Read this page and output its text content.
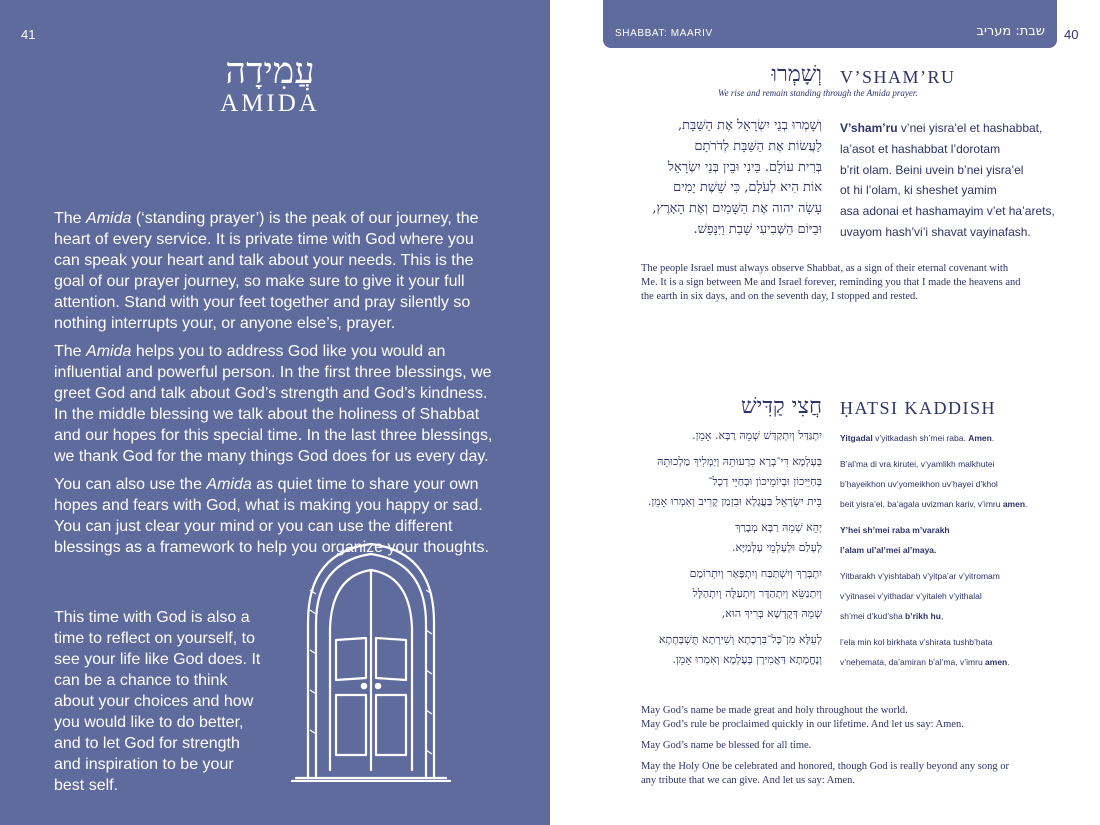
41
עֲמִידָה
AMIDA

The Amida (‘standing prayer’) is the peak of our journey, the heart of every service. It is private time with God where you can speak your heart and talk about your needs. This is the goal of our prayer journey, so make sure to give it your full attention. Stand with your feet together and pray silently so nothing interrupts your, or anyone else’s, prayer.

The Amida helps you to address God like you would an influential and powerful person. In the first three blessings, we greet God and talk about God’s strength and God’s kindness. In the middle blessing we talk about the holiness of Shabbat and our hopes for this special time. In the last three blessings, we thank God for the many things God does for us every day.

You can also use the Amida as quiet time to share your own hopes and fears with God, what is making you happy or sad. You can just clear your mind or you can use the different blessings as a framework to help you organize your thoughts.

This time with God is also a time to reflect on yourself, to see your life like God does. It can be a chance to think about your choices and how you would like to do better, and to let God for strength and inspiration to be your best self.

SHABBAT: MAARIV	שבת: מעריב 40
וְשָׁמְרוּ V’SHAM’RU
We rise and remain standing through the Amida prayer.
וְשָׁמְרוּ בְנֵי יִשְׂרָאֵל אֶת הַשַּׁבָּת,
לַעֲשׂוֹת אֶת הַשַּׁבָּת לְדֹרֹתָם
בְּרִית עוֹלָם. בֵּינִי וּבֵין בְּנֵי יִשְׂרָאֵל
אוֹת הִיא לְעֹלָם, כִּי שֵׁשֶׁת יָמִים
עָשָׂה יהוה אֶת הַשָּׁמַיִם וְאֶת הָאָרֶץ,
וּבַיּוֹם הַשְּׁבִיעִי שָׁבַת וַיִּנָּפַשׁ.
V’sham’ru v’nei yisra’el et hashabbat,
la’asot et hashabbat l’dorotam
b’rit olam. Beini uvein b’nei yisra’el
ot hi l’olam, ki sheshet yamim
asa adonai et hashamayim v’et ha’arets,
uvayom hash’vi’i shavat vayinafash.

The people Israel must always observe Shabbat, as a sign of their eternal covenant with Me. It is a sign between Me and Israel forever, reminding you that I made the heavens and the earth in six days, and on the seventh day, I stopped and rested.

חֲצִי קַדִּישׁ ḤATSI KADDISH
יִתְגַּדַּל וְיִתְקַדַּשׁ שְׁמֵהּ רַבָּא. אָמֵן.
בְּעָלְמָא דִּי־בְרָא כִרְעוּתֵהּ וְיַמְלִיךְ מַלְכוּתֵהּ
בְּחַיֵּיכוֹן וּבְיוֹמֵיכוֹן וּבְחַיֵּי דְכָל־
בֵּית יִשְׂרָאֵל בַּעֲגָלָא וּבִזְמַן קָרִיב וְאִמְרוּ אָמֵן.
יְהֵא שְׁמֵהּ רַבָּא מְבָרַךְ
לְעָלַם וּלְעָלְמֵי עָלְמַיָּא.
יִתְבָּרַךְ וְיִשְׁתַּבַּח וְיִתְפָּאַר וְיִתְרוֹמַם
וְיִתְנַשֵּׂא וְיִתְהַדָּר וְיִתְעַלֶּה וְיִתְהַלָּל
שְׁמֵהּ דְּקֻדְשָׁא בְּרִיךְ הוּא,
לְעֵלָּא מִן־כָּל־בִּרְכָתָא וְשִׁירָתָא תֻּשְׁבְּחָתָא
וְנֶחֱמָתָא דַּאֲמִירָן בְּעָלְמָא וְאִמְרוּ אָמֵן.
Yitgadal v’yitkadash sh’mei raba. Amen.
B’al’ma di vra kirutei, v’yamlikh malkhutei
b’ḥayeikhon uv’yomeikhon uv’ḥayei d’khol
beit yisra’el, ba’agala uvizman kariv, v’imru amen.
Y’hei sh’mei raba m’varakh
l’alam ul’al’mei al’maya.
Yitbarakh v’yishtabaḥ v’yitpa’ar v’yitromam
v’yitnasei v’yithadar v’yitaleh v’yithalal
sh’mei d’kud’sha b’rikh hu,
l’ela min kol birkhata v’shirata tushb’ḥata
v’neḥemata, da’amiran b’al’ma, v’imru amen.
May God’s name be made great and holy throughout the world.
May God’s rule be proclaimed quickly in our lifetime. And let us say: Amen.

May God’s name be blessed for all time.

May the Holy One be celebrated and honored, though God is really beyond any song or any tribute that we can give. And let us say: Amen.
